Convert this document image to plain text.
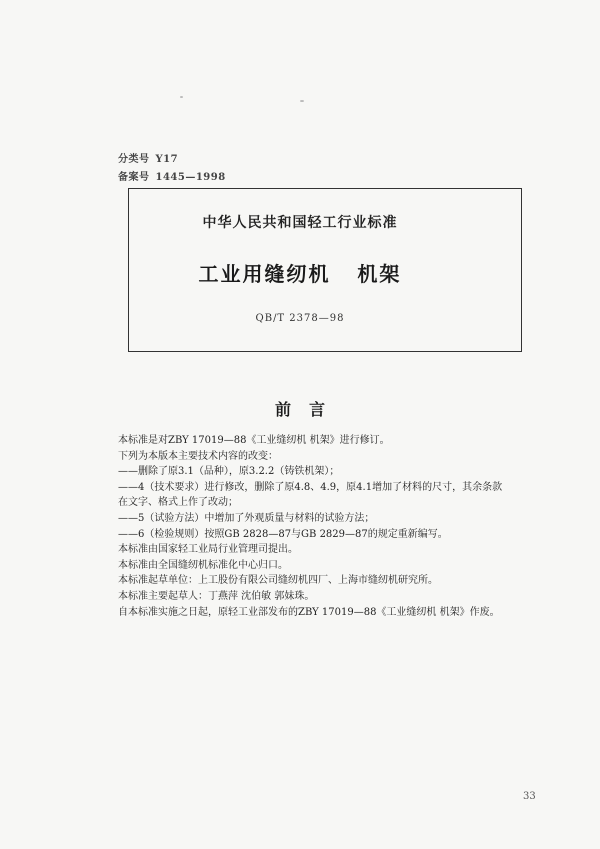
分类号 Y17
备案号 1445—1998
中华人民共和国轻工行业标准
工业用缝纫机   机架
QB/T 2378—98
前言

本标准是对ZBY 17019—88《工业缝纫机 机架》进行修订。

下列为本版本主要技术内容的改变：

——删除了原3.1（品种），原3.2.2（铸铁机架）；

——4（技术要求）进行修改，删除了原4.8、4.9，原4.1增加了材料的尺寸，其余条款在文字、格式上作了改动；

——5（试验方法）中增加了外观质量与材料的试验方法；

——6（检验规则）按照GB 2828—87与GB 2829—87的规定重新编写。

本标准由国家轻工业局行业管理司提出。

本标准由全国缝纫机标准化中心归口。

本标准起草单位：上工股份有限公司缝纫机四厂、上海市缝纫机研究所。

本标准主要起草人：丁燕萍 沈伯敏 郭妹珠。

自本标准实施之日起，原轻工业部发布的ZBY 17019—88《工业缝纫机 机架》作废。

33
